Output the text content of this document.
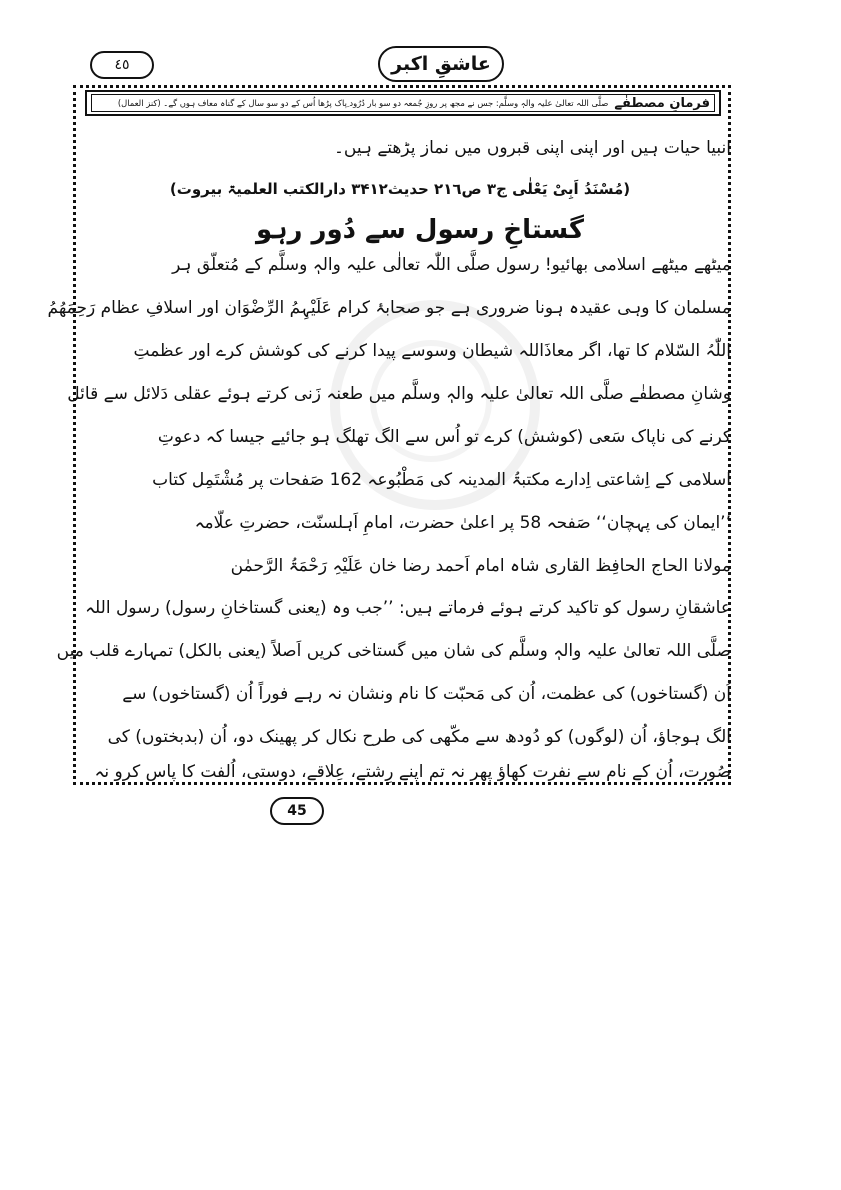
عاشقِ اکبر
٤٥
فرمانِ مصطفٰے
صلَّی اللہ تعالیٰ علیہ والہٖ وسلَّم: جس نے مجھ پر روزِ جُمعہ دو سو بار دُرُود ِپاک پڑھا اُس کے دو سو سال کے گناہ معاف ہوں گے۔ (کنز العمال)
انبیا حیات ہیں اور اپنی اپنی قبروں میں نماز پڑھتے ہیں۔
(مُسْنَدُ اَبِیْ یَعْلٰی ج۳ ص۲۱٦ حدیث۳۴۱۲ دارالکتب العلمیۃ بیروت)
گستاخِ رسول سے دُور رہو
میٹھے میٹھے اسلامی بھائیو! رسول صلَّی اللّٰہ تعالٰی علیہ والہٖ وسلَّم کے مُتعلّق ہر
مسلمان کا وہی عقیدہ ہونا ضروری ہے جو صحابۂ کرام عَلَیْہِمُ الرِّضْوَان اور اسلافِ عظام رَحِمَھُمُ
اللّٰہُ السّلام کا تھا، اگر معاذَاللہ شیطان وسوسے پیدا کرنے کی کوشش کرے اور عظمتِ
وشانِ مصطفٰے صلَّی اللہ تعالیٰ علیہ والہٖ وسلَّم میں طعنہ زَنی کرتے ہوئے عقلی دَلائل سے قائل
کرنے کی ناپاک سَعی (کوشش) کرے تو اُس سے الگ تھلگ ہو جائیے جیسا کہ دعوتِ
اسلامی کے اِشاعتی اِدارے مکتبۃُ المدینہ کی مَطْبُوعہ 162 صَفحات پر مُشْتَمِل کتاب
’’ایمان کی پہچان‘‘ صَفحہ 58 پر اعلیٰ حضرت، امامِ اَہلسنّت، حضرتِ علّامہ
مولانا الحاج الحافِظ القاری شاہ امام اَحمد رضا خان عَلَیْہِ رَحْمَۃُ الرَّحمٰن
عاشقانِ رسول کو تاکید کرتے ہوئے فرماتے ہیں: ’’جب وہ (یعنی گستاخانِ رسول) رسول اللہ
صلَّی اللہ تعالیٰ علیہ والہٖ وسلَّم کی شان میں گستاخی کریں اَصلاً (یعنی بالکل) تمہارے قلب میں
اُن (گستاخوں) کی عظمت، اُن کی مَحبّت کا نام ونشان نہ رہے فوراً اُن (گستاخوں) سے
الگ ہوجاؤ، اُن (لوگوں) کو دُودھ سے مکّھی کی طرح نکال کر پھینک دو، اُن (بدبختوں) کی
صُورت، اُن کے نام سے نفرت کھاؤ پھر نہ تم اپنے رِشتے، عِلاقے، دوستی، اُلفت کا پاس کرو نہ
45
